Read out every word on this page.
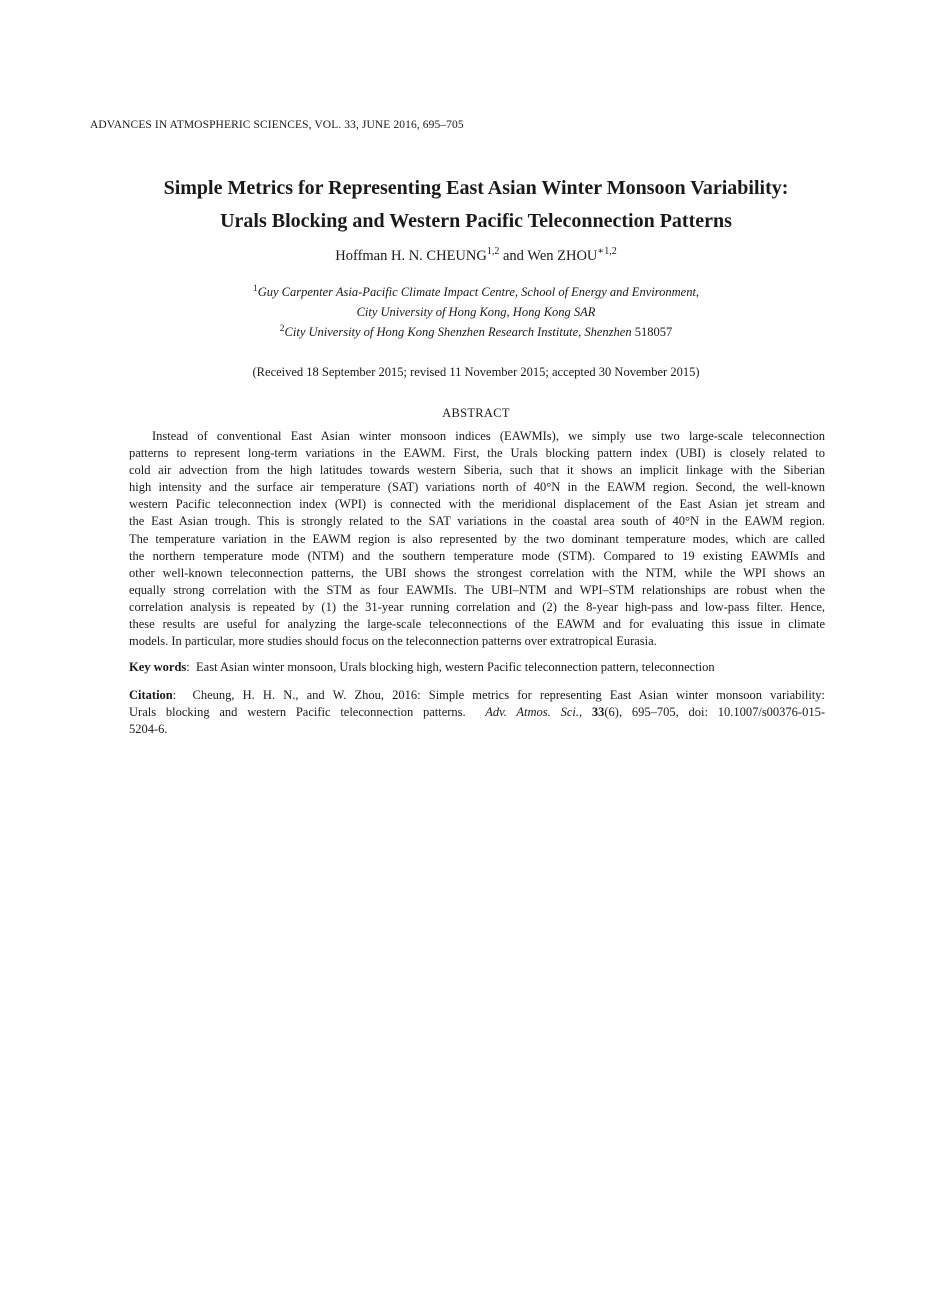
ADVANCES IN ATMOSPHERIC SCIENCES, VOL. 33, JUNE 2016, 695–705
Simple Metrics for Representing East Asian Winter Monsoon Variability:
Urals Blocking and Western Pacific Teleconnection Patterns
Hoffman H. N. CHEUNG$^{1,2}$ and Wen $ZHOU^{∗1,2}$
$^1$Guy Carpenter Asia-Pacific Climate Impact Centre, School of Energy and Environment,
City University of Hong Kong, Hong Kong SAR
$^2$City University of Hong Kong Shenzhen Research Institute, Shenzhen 518057
(Received 18 September 2015; revised 11 November 2015; accepted 30 November 2015)
ABSTRACT
Instead of conventional East Asian winter monsoon indices (EAWMIs), we simply use two large-scale teleconnection
patterns to represent long-term variations in the EAWM. First, the Urals blocking pattern index (UBI) is closely related to
cold air advection from the high latitudes towards western Siberia, such that it shows an implicit linkage with the Siberian
high intensity and the surface air temperature (SAT) variations north of 40°N in the EAWM region. Second, the well-known
western Pacific teleconnection index (WPI) is connected with the meridional displacement of the East Asian jet stream and
the East Asian trough. This is strongly related to the SAT variations in the coastal area south of 40°N in the EAWM region.
The temperature variation in the EAWM region is also represented by the two dominant temperature modes, which are called
the northern temperature mode (NTM) and the southern temperature mode (STM). Compared to 19 existing EAWMIs and
other well-known teleconnection patterns, the UBI shows the strongest correlation with the NTM, while the WPI shows an
equally strong correlation with the STM as four EAWMIs. The UBI–NTM and WPI–STM relationships are robust when the
correlation analysis is repeated by (1) the 31-year running correlation and (2) the 8-year high-pass and low-pass filter. Hence,
these results are useful for analyzing the large-scale teleconnections of the EAWM and for evaluating this issue in climate
models. In particular, more studies should focus on the teleconnection patterns over extratropical Eurasia.
Key words:  East Asian winter monsoon, Urals blocking high, western Pacific teleconnection pattern, teleconnection
Citation:  Cheung, H. H. N., and W. Zhou, 2016: Simple metrics for representing East Asian winter monsoon variability:
Urals blocking and western Pacific teleconnection patterns. Adv. Atmos. Sci., 33(6), 695–705, doi: 10.1007/s00376-015-
5204-6.
